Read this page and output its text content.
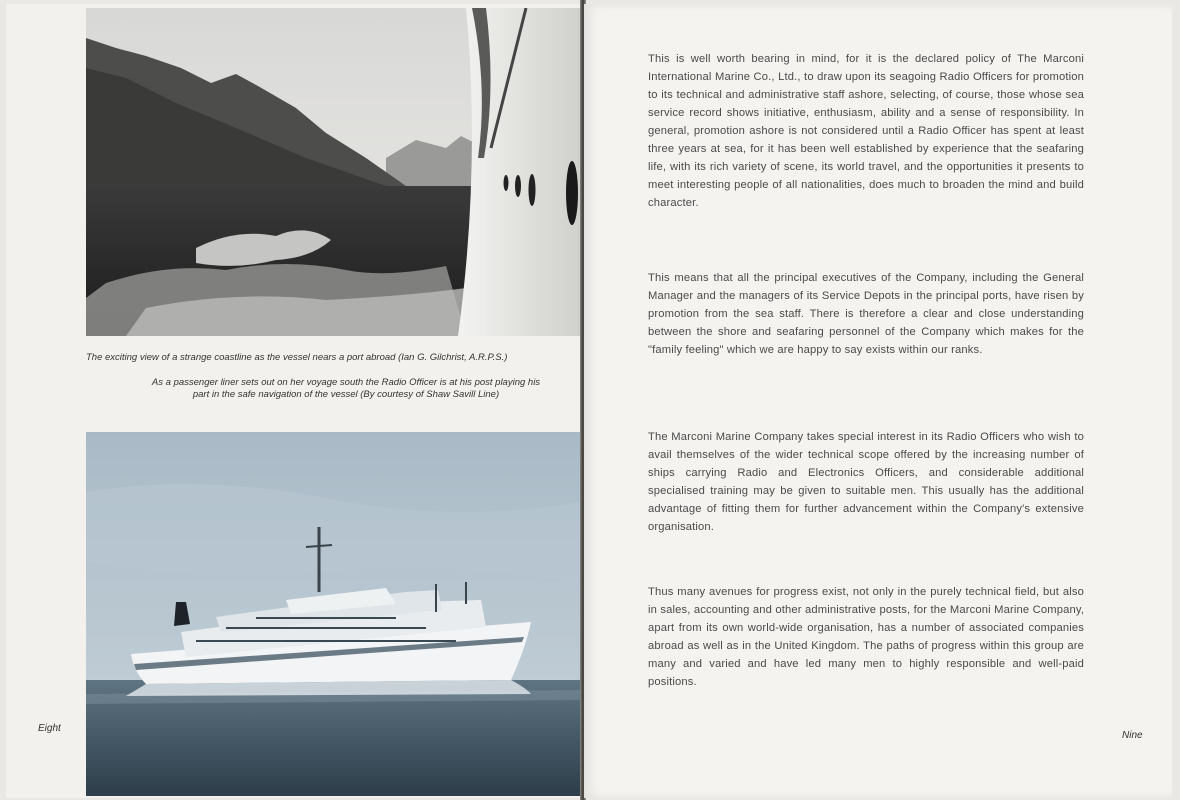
The exciting view of a strange coastline as the vessel nears a port abroad (Ian G. Gilchrist, A.R.P.S.)
As a passenger liner sets out on her voyage south the Radio Officer is at his post playing his
part in the safe navigation of the vessel (By courtesy of Shaw Savill Line)
Eight

This is well worth bearing in mind, for it is the declared policy of The Marconi International Marine Co., Ltd., to draw upon its seagoing Radio Officers for promotion to its technical and administrative staff ashore, selecting, of course, those whose sea service record shows initiative, enthusiasm, ability and a sense of responsibility. In general, promotion ashore is not considered until a Radio Officer has spent at least three years at sea, for it has been well established by experience that the seafaring life, with its rich variety of scene, its world travel, and the opportunities it presents to meet interesting people of all nationalities, does much to broaden the mind and build character.

This means that all the principal executives of the Company, including the General Manager and the managers of its Service Depots in the principal ports, have risen by promotion from the sea staff. There is therefore a clear and close understanding between the shore and seafaring personnel of the Company which makes for the "family feeling" which we are happy to say exists within our ranks.

The Marconi Marine Company takes special interest in its Radio Officers who wish to avail themselves of the wider technical scope offered by the increasing number of ships carrying Radio and Electronics Officers, and considerable additional specialised training may be given to suitable men. This usually has the additional advantage of fitting them for further advancement within the Company's extensive organisation.

Thus many avenues for progress exist, not only in the purely technical field, but also in sales, accounting and other administrative posts, for the Marconi Marine Company, apart from its own world-wide organisation, has a number of associated companies abroad as well as in the United Kingdom. The paths of progress within this group are many and varied and have led many men to highly responsible and well-paid positions.

Nine
